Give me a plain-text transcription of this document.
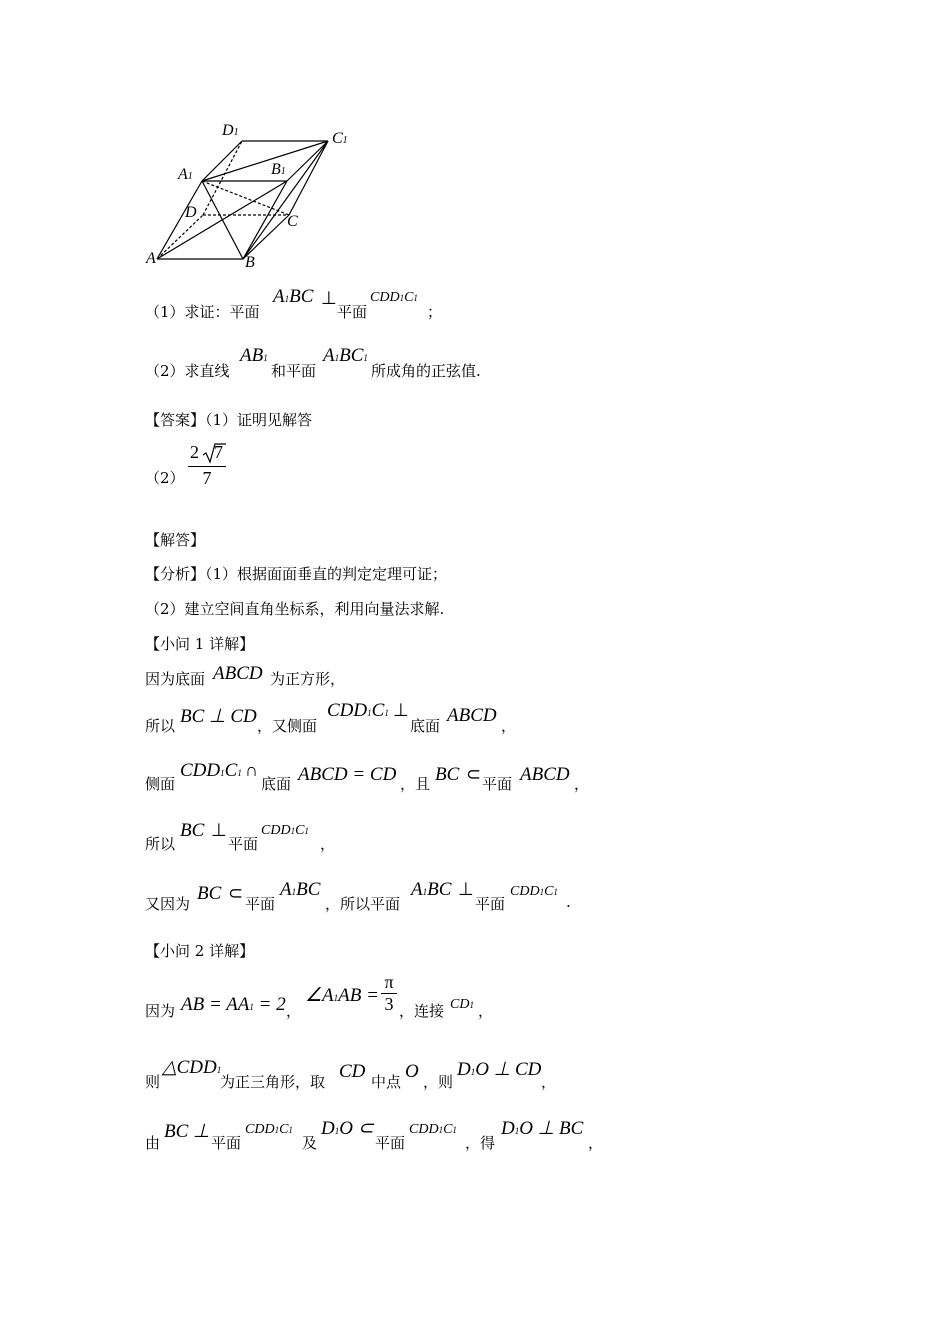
A	B
C
D
A1	B1
C1
D1
（1）求证：平面
A1BC ⊥
平面
CDD1C1
；
（2）求直线
AB1
和平面
A1BC1
所成角的正弦值.
【答案】（1）证明见解答
（2）
2 7
7
【解答】
【分析】（1）根据面面垂直的判定定理可证；
（2）建立空间直角坐标系，利用向量法求解.
【小问 1 详解】
因为底面 ABCD 为正方形，
所以 BC ⊥ CD ，又侧面
CDD1C1 ⊥
底面 ABCD ，
侧面
CDD1C1 ∩
底面 ABCD = CD ，且 BC ⊂ 平面 ABCD ，
所以
BC ⊥
平面
CDD1C1
，
又因为 BC ⊂
平面
A1BC
，所以平面
A1BC ⊥
平面
CDD1C1
.
【小问 2 详解】
因为 AB = AA1 = 2 ，
∠A1AB =
π
3 ，连接 CD1 ，
则
△CDD1
为正三角形，取 CD 中点 O ，则
D1O ⊥ CD
，
由
BC ⊥
平面
CDD1C1
及
D1O ⊂
平面
CDD1C1
，得
D1O ⊥ BC
，
